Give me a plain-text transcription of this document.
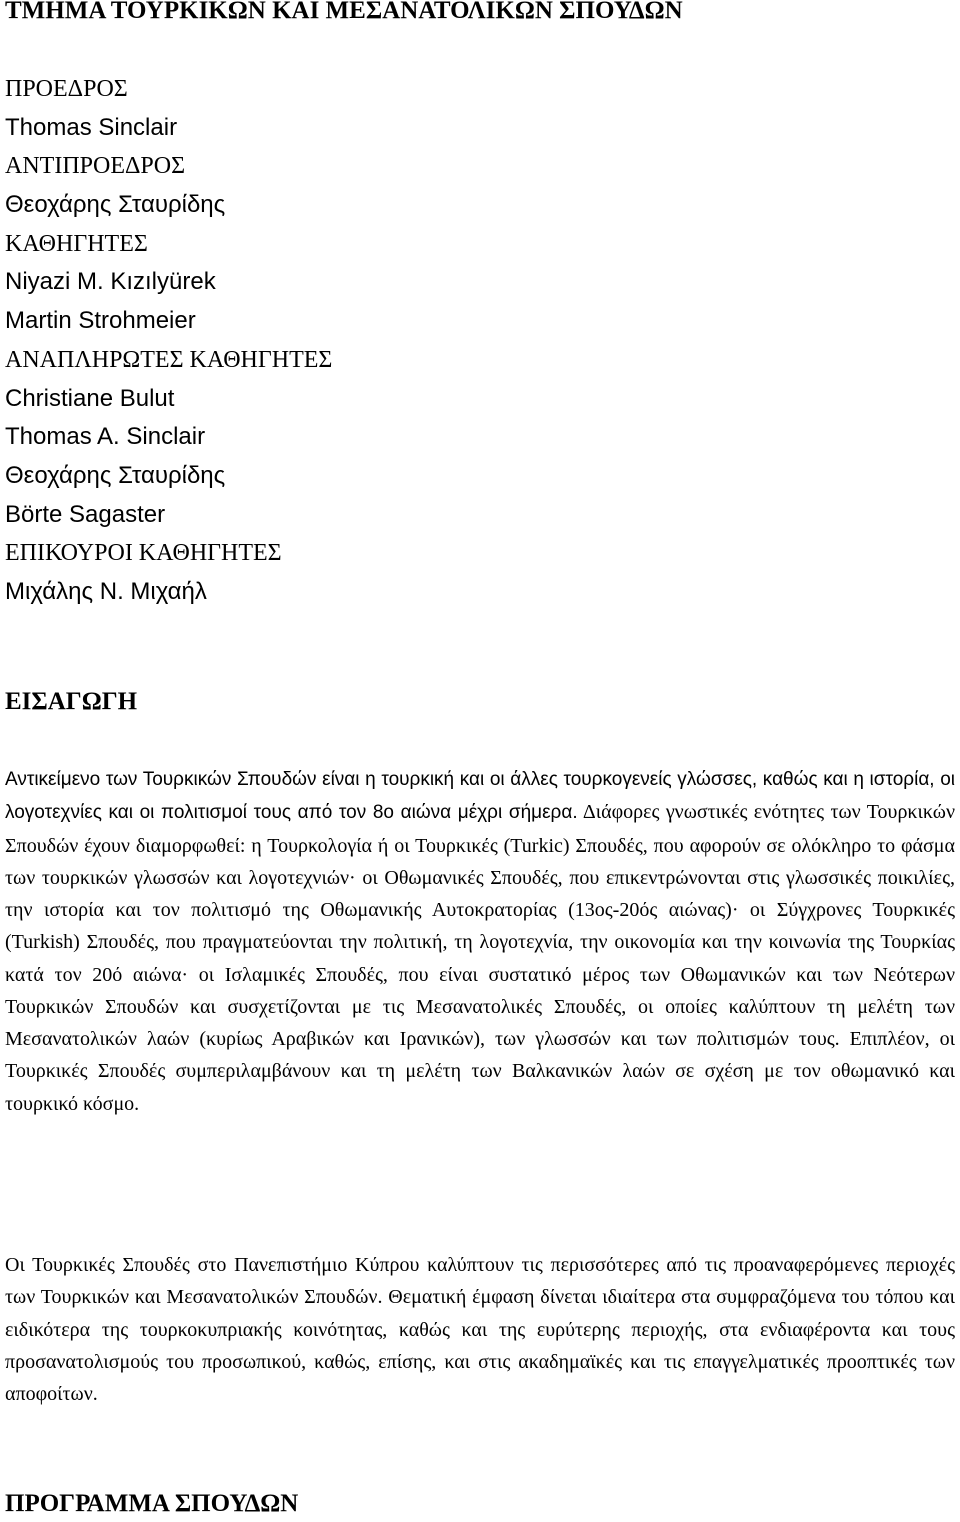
ΤΜΗΜΑ ΤΟΥΡΚΙΚΩΝ ΚΑΙ ΜΕΣΑΝΑΤΟΛΙΚΩΝ ΣΠΟΥΔΩΝ
ΠΡΟΕΔΡΟΣ
Thomas Sinclair
ΑΝΤΙΠΡΟΕΔΡΟΣ
Θεοχάρης Σταυρίδης
ΚΑΘΗΓΗΤΕΣ
Niyazi M. Kızılyürek
Martin Strohmeier
ΑΝΑΠΛΗΡΩΤΕΣ ΚΑΘΗΓΗΤΕΣ
Christiane Bulut
Thomas A. Sinclair
Θεοχάρης Σταυρίδης
Börte Sagaster
ΕΠΙΚΟΥΡΟΙ ΚΑΘΗΓΗΤΕΣ
Μιχάλης Ν. Μιχαήλ
ΕΙΣΑΓΩΓΗ

Αντικείμενο των Τουρκικών Σπουδών είναι η τουρκική και οι άλλες τουρκογενείς γλώσσες, καθώς και η ιστορία, οι λογοτεχνίες και οι πολιτισμοί τους από τον 8ο αιώνα μέχρι σήμερα. Διάφορες γνωστικές ενότητες των Τουρκικών Σπουδών έχουν διαμορφωθεί: η Τουρκολογία ή οι Τουρκικές (Turkic) Σπουδές, που αφορούν σε ολόκληρο το φάσμα των τουρκικών γλωσσών και λογοτεχνιών· οι Οθωμανικές Σπουδές, που επικεντρώνονται στις γλωσσικές ποικιλίες, την ιστορία και τον πολιτισμό της Οθωμανικής Αυτοκρατορίας (13ος-20ός αιώνας)· οι Σύγχρονες Τουρκικές (Turkish) Σπουδές, που πραγματεύονται την πολιτική, τη λογοτεχνία, την οικονομία και την κοινωνία της Τουρκίας κατά τον 20ό αιώνα· οι Ισλαμικές Σπουδές, που είναι συστατικό μέρος των Οθωμανικών και των Νεότερων Τουρκικών Σπουδών και συσχετίζονται με τις Μεσανατολικές Σπουδές, οι οποίες καλύπτουν τη μελέτη των Μεσανατολικών λαών (κυρίως Αραβικών και Ιρανικών), των γλωσσών και των πολιτισμών τους. Επιπλέον, οι Τουρκικές Σπουδές συμπεριλαμβάνουν και τη μελέτη των Βαλκανικών λαών σε σχέση με τον οθωμανικό και τουρκικό κόσμο.

Οι Τουρκικές Σπουδές στο Πανεπιστήμιο Κύπρου καλύπτουν τις περισσότερες από τις προαναφερόμενες περιοχές των Τουρκικών και Μεσανατολικών Σπουδών. Θεματική έμφαση δίνεται ιδιαίτερα στα συμφραζόμενα του τόπου και ειδικότερα της τουρκοκυπριακής κοινότητας, καθώς και της ευρύτερης περιοχής, στα ενδιαφέροντα και τους προσανατολισμούς του προσωπικού, καθώς, επίσης, και στις ακαδημαϊκές και τις επαγγελματικές προοπτικές των αποφοίτων.

ΠΡΟΓΡΑΜΜΑ ΣΠΟΥΔΩΝ
